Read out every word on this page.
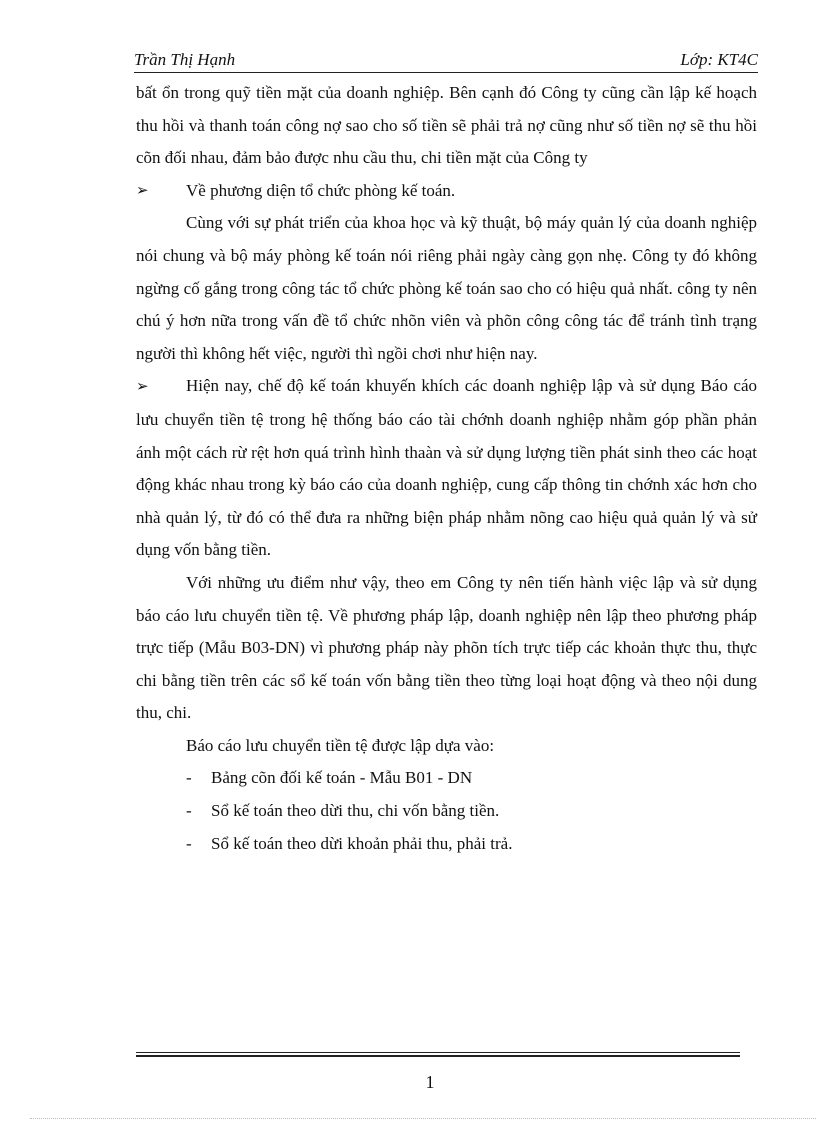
Trần Thị Hạnh	Lớp: KT4C

bất ổn trong quỹ tiền mặt của doanh nghiệp. Bên cạnh đó Công ty cũng cần lập kế hoạch thu hồi và thanh toán công nợ sao cho số tiền sẽ phải trả nợ cũng như số tiền nợ sẽ thu hồi cõn đối nhau, đảm bảo được nhu cầu thu, chi tiền mặt của Công ty

➢	Về phương diện tổ chức phòng kế toán.

Cùng với sự phát triển của khoa học và kỹ thuật, bộ máy quản lý của doanh nghiệp nói chung và bộ máy phòng kế toán nói riêng phải ngày càng gọn nhẹ. Công ty đó không ngừng cố gắng trong công tác tổ chức phòng kế toán sao cho có hiệu quả nhất. công ty nên chú ý hơn nữa trong vấn đề tổ chức nhõn viên và phõn công công tác để tránh tình trạng người thì không hết việc, người thì ngồi chơi như hiện nay.

➢ Hiện nay, chế độ kế toán khuyến khích các doanh nghiệp lập và sử dụng Báo cáo lưu chuyển tiền tệ trong hệ thống báo cáo tài chớnh doanh nghiệp nhằm góp phần phản ánh một cách rừ rệt hơn quá trình hình thaàn và sử dụng lượng tiền phát sinh theo các hoạt động khác nhau trong kỳ báo cáo của doanh nghiệp, cung cấp thông tin chớnh xác hơn cho nhà quản lý, từ đó có thể đưa ra những biện pháp nhằm nõng cao hiệu quả quản lý và sử dụng vốn bằng tiền.

Với những ưu điểm như vậy, theo em Công ty nên tiến hành việc lập và sử dụng báo cáo lưu chuyển tiền tệ. Về phương pháp lập, doanh nghiệp nên lập theo phương pháp trực tiếp (Mẫu B03-DN) vì phương pháp này phõn tích trực tiếp các khoản thực thu, thực chi bằng tiền trên các sổ kế toán vốn bằng tiền theo từng loại hoạt động và theo nội dung thu, chi.

Báo cáo lưu chuyển tiền tệ được lập dựa vào:

-	Bảng cõn đối kế toán - Mẫu B01 - DN
-	Sổ kế toán theo dừi thu, chi vốn bằng tiền.
-	Sổ kế toán theo dừi khoản phải thu, phải trả.
1
